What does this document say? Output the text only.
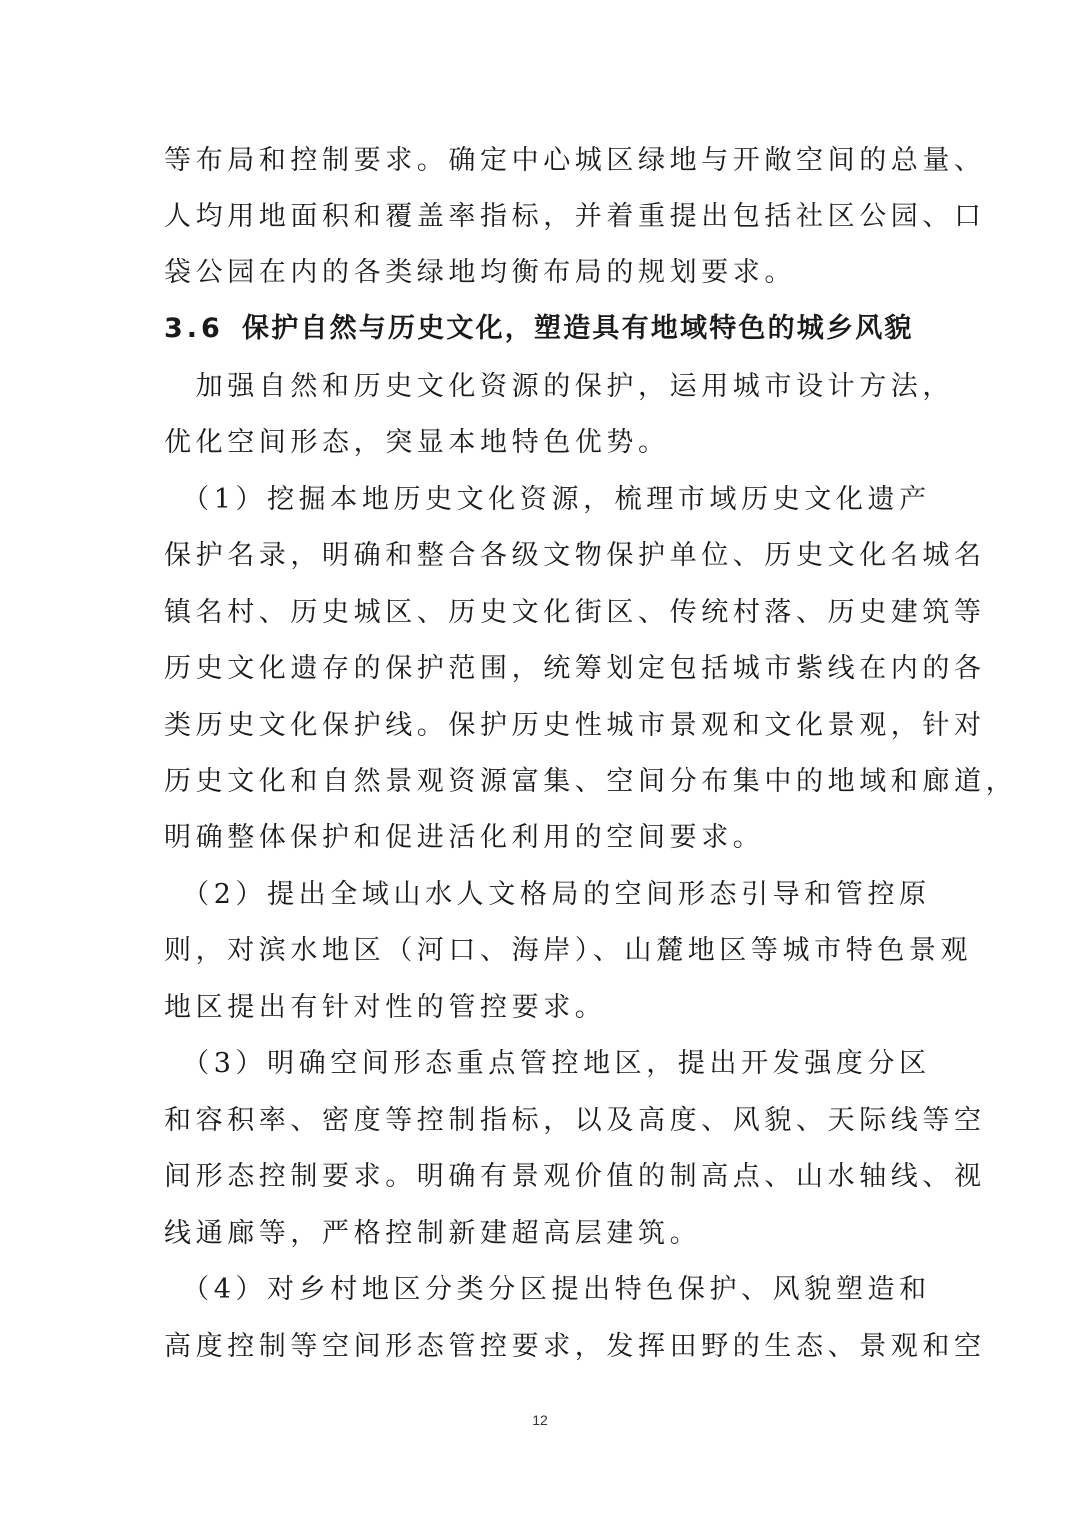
等布局和控制要求。确定中心城区绿地与开敞空间的总量、
人均用地面积和覆盖率指标，并着重提出包括社区公园、口
袋公园在内的各类绿地均衡布局的规划要求。
3.6 保护自然与历史文化，塑造具有地域特色的城乡风貌
　加强自然和历史文化资源的保护，运用城市设计方法，
优化空间形态，突显本地特色优势。
　（1）挖掘本地历史文化资源，梳理市域历史文化遗产
保护名录，明确和整合各级文物保护单位、历史文化名城名
镇名村、历史城区、历史文化街区、传统村落、历史建筑等
历史文化遗存的保护范围，统筹划定包括城市紫线在内的各
类历史文化保护线。保护历史性城市景观和文化景观，针对
历史文化和自然景观资源富集、空间分布集中的地域和廊道，
明确整体保护和促进活化利用的空间要求。
　（2）提出全域山水人文格局的空间形态引导和管控原
则，对滨水地区（河口、海岸）、山麓地区等城市特色景观
地区提出有针对性的管控要求。
　（3）明确空间形态重点管控地区，提出开发强度分区
和容积率、密度等控制指标，以及高度、风貌、天际线等空
间形态控制要求。明确有景观价值的制高点、山水轴线、视
线通廊等，严格控制新建超高层建筑。
　（4）对乡村地区分类分区提出特色保护、风貌塑造和
高度控制等空间形态管控要求，发挥田野的生态、景观和空
12
